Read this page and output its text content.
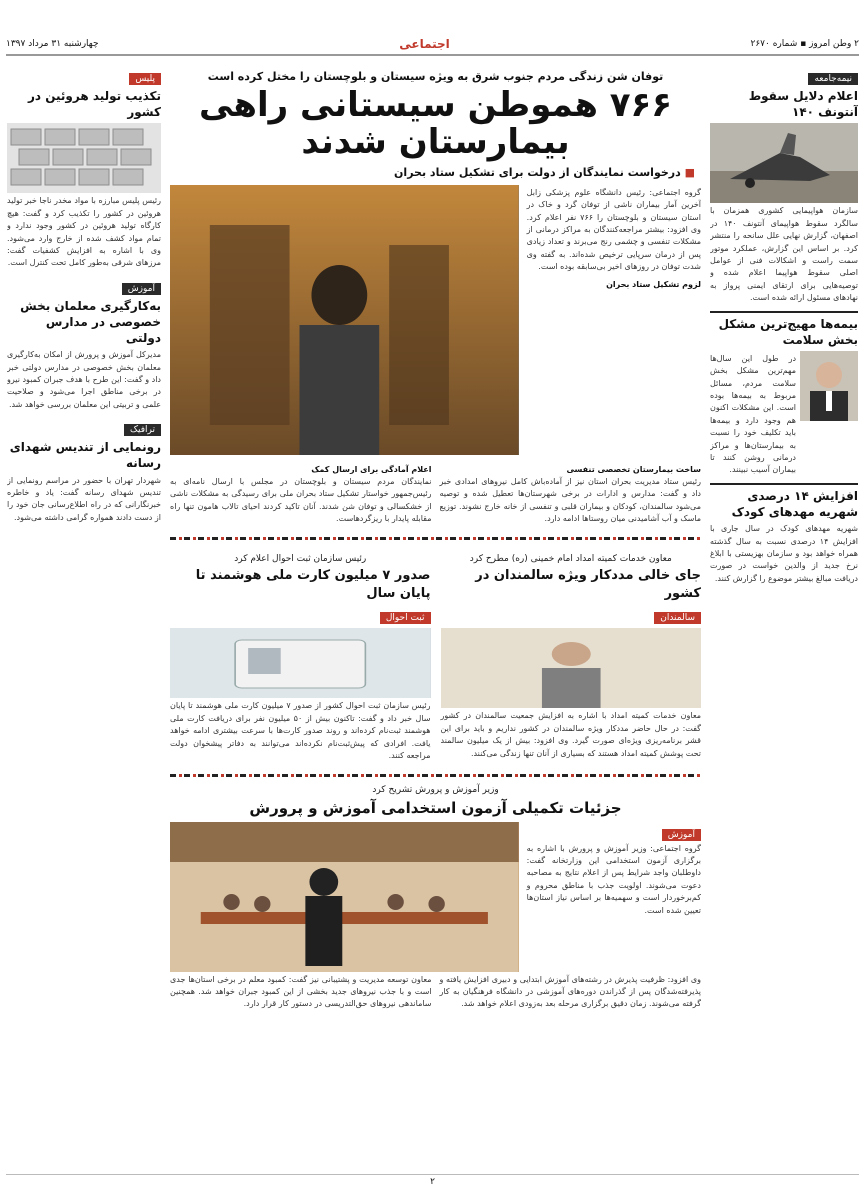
۲ وطن امروز ▪ شماره ۲۶۷۰
اجتماعی
چهارشنبه ۳۱ مرداد ۱۳۹۷
نیمه‌جامعه
اعلام دلایل سقوط آنتونف ۱۴۰

سازمان هواپیمایی کشوری همزمان با سالگرد سقوط هواپیمای آنتونف ۱۴۰ در اصفهان، گزارش نهایی علل سانحه را منتشر کرد. بر اساس این گزارش، عملکرد موتور سمت راست و اشکالات فنی از عوامل اصلی سقوط هواپیما اعلام شده و توصیه‌هایی برای ارتقای ایمنی پرواز به نهادهای مسئول ارائه شده است.

بیمه‌ها مهیج‌ترین مشکل بخش سلامت

در طول این سال‌ها مهم‌ترین مشکل بخش سلامت مردم، مسائل مربوط به بیمه‌ها بوده است. این مشکلات اکنون هم وجود دارد و بیمه‌ها باید تکلیف خود را نسبت به بیمارستان‌ها و مراکز درمانی روشن کنند تا بیماران آسیب نبینند.

افزایش ۱۴ درصدی شهریه مهدهای کودک

شهریه مهدهای کودک در سال جاری با افزایش ۱۴ درصدی نسبت به سال گذشته همراه خواهد بود و سازمان بهزیستی با ابلاغ نرخ جدید از والدین خواست در صورت دریافت مبالغ بیشتر موضوع را گزارش کنند.

پلیس
تکذیب تولید هروئین در کشور

رئیس پلیس مبارزه با مواد مخدر ناجا خبر تولید هروئین در کشور را تکذیب کرد و گفت: هیچ کارگاه تولید هروئین در کشور وجود ندارد و تمام مواد کشف شده از خارج وارد می‌شود. وی با اشاره به افزایش کشفیات گفت: مرزهای شرقی به‌طور کامل تحت کنترل است.

آموزش
به‌کارگیری معلمان بخش خصوصی در مدارس دولتی

مدیرکل آموزش و پرورش از امکان به‌کارگیری معلمان بخش خصوصی در مدارس دولتی خبر داد و گفت: این طرح با هدف جبران کمبود نیرو در برخی مناطق اجرا می‌شود و صلاحیت علمی و تربیتی این معلمان بررسی خواهد شد.

ترافیک
رونمایی از تندیس شهدای رسانه

شهردار تهران با حضور در مراسم رونمایی از تندیس شهدای رسانه گفت: یاد و خاطره خبرنگارانی که در راه اطلاع‌رسانی جان خود را از دست دادند همواره گرامی داشته می‌شود.

توفان شن زندگی مردم جنوب شرق به ویژه سیستان و بلوچستان را مختل کرده است
۷۶۶ هموطن سیستانی راهی بیمارستان شدند
■ درخواست نمایندگان از دولت برای تشکیل ستاد بحران

گروه اجتماعی: رئیس دانشگاه علوم پزشکی زابل آخرین آمار بیماران ناشی از توفان گرد و خاک در استان سیستان و بلوچستان را ۷۶۶ نفر اعلام کرد. وی افزود: بیشتر مراجعه‌کنندگان به مراکز درمانی از مشکلات تنفسی و چشمی رنج می‌برند و تعداد زیادی پس از درمان سرپایی ترخیص شده‌اند. به گفته وی شدت توفان در روزهای اخیر بی‌سابقه بوده است.

لزوم تشکیل ستاد بحران
ساخت بیمارستان تخصصی تنفسی

رئیس ستاد مدیریت بحران استان نیز از آماده‌باش کامل نیروهای امدادی خبر داد و گفت: مدارس و ادارات در برخی شهرستان‌ها تعطیل شده و توصیه می‌شود سالمندان، کودکان و بیماران قلبی و تنفسی از خانه خارج نشوند. توزیع ماسک و آب آشامیدنی میان روستاها ادامه دارد.

اعلام آمادگی برای ارسال کمک

نمایندگان مردم سیستان و بلوچستان در مجلس با ارسال نامه‌ای به رئیس‌جمهور خواستار تشکیل ستاد بحران ملی برای رسیدگی به مشکلات ناشی از خشکسالی و توفان شن شدند. آنان تاکید کردند احیای تالاب هامون تنها راه مقابله پایدار با ریزگردهاست.

معاون خدمات کمیته امداد امام خمینی (ره) مطرح کرد
جای خالی مددکار ویژه سالمندان در کشور
سالمندان

معاون خدمات کمیته امداد با اشاره به افزایش جمعیت سالمندان در کشور گفت: در حال حاضر مددکار ویژه سالمندان در کشور نداریم و باید برای این قشر برنامه‌ریزی ویژه‌ای صورت گیرد. وی افزود: بیش از یک میلیون سالمند تحت پوشش کمیته امداد هستند که بسیاری از آنان تنها زندگی می‌کنند.

رئیس سازمان ثبت احوال اعلام کرد
صدور ۷ میلیون کارت ملی هوشمند تا پایان سال
ثبت احوال

رئیس سازمان ثبت احوال کشور از صدور ۷ میلیون کارت ملی هوشمند تا پایان سال خبر داد و گفت: تاکنون بیش از ۵۰ میلیون نفر برای دریافت کارت ملی هوشمند ثبت‌نام کرده‌اند و روند صدور کارت‌ها با سرعت بیشتری ادامه خواهد یافت. افرادی که پیش‌ثبت‌نام نکرده‌اند می‌توانند به دفاتر پیشخوان دولت مراجعه کنند.

وزیر آموزش و پرورش تشریح کرد
جزئیات تکمیلی آزمون استخدامی آموزش و پرورش
آموزش

گروه اجتماعی: وزیر آموزش و پرورش با اشاره به برگزاری آزمون استخدامی این وزارتخانه گفت: داوطلبان واجد شرایط پس از اعلام نتایج به مصاحبه دعوت می‌شوند. اولویت جذب با مناطق محروم و کم‌برخوردار است و سهمیه‌ها بر اساس نیاز استان‌ها تعیین شده است.

وی افزود: ظرفیت پذیرش در رشته‌های آموزش ابتدایی و دبیری افزایش یافته و پذیرفته‌شدگان پس از گذراندن دوره‌های آموزشی در دانشگاه فرهنگیان به کار گرفته می‌شوند. زمان دقیق برگزاری مرحله بعد به‌زودی اعلام خواهد شد.

معاون توسعه مدیریت و پشتیبانی نیز گفت: کمبود معلم در برخی استان‌ها جدی است و با جذب نیروهای جدید بخشی از این کمبود جبران خواهد شد. همچنین ساماندهی نیروهای حق‌التدریسی در دستور کار قرار دارد.

۲
